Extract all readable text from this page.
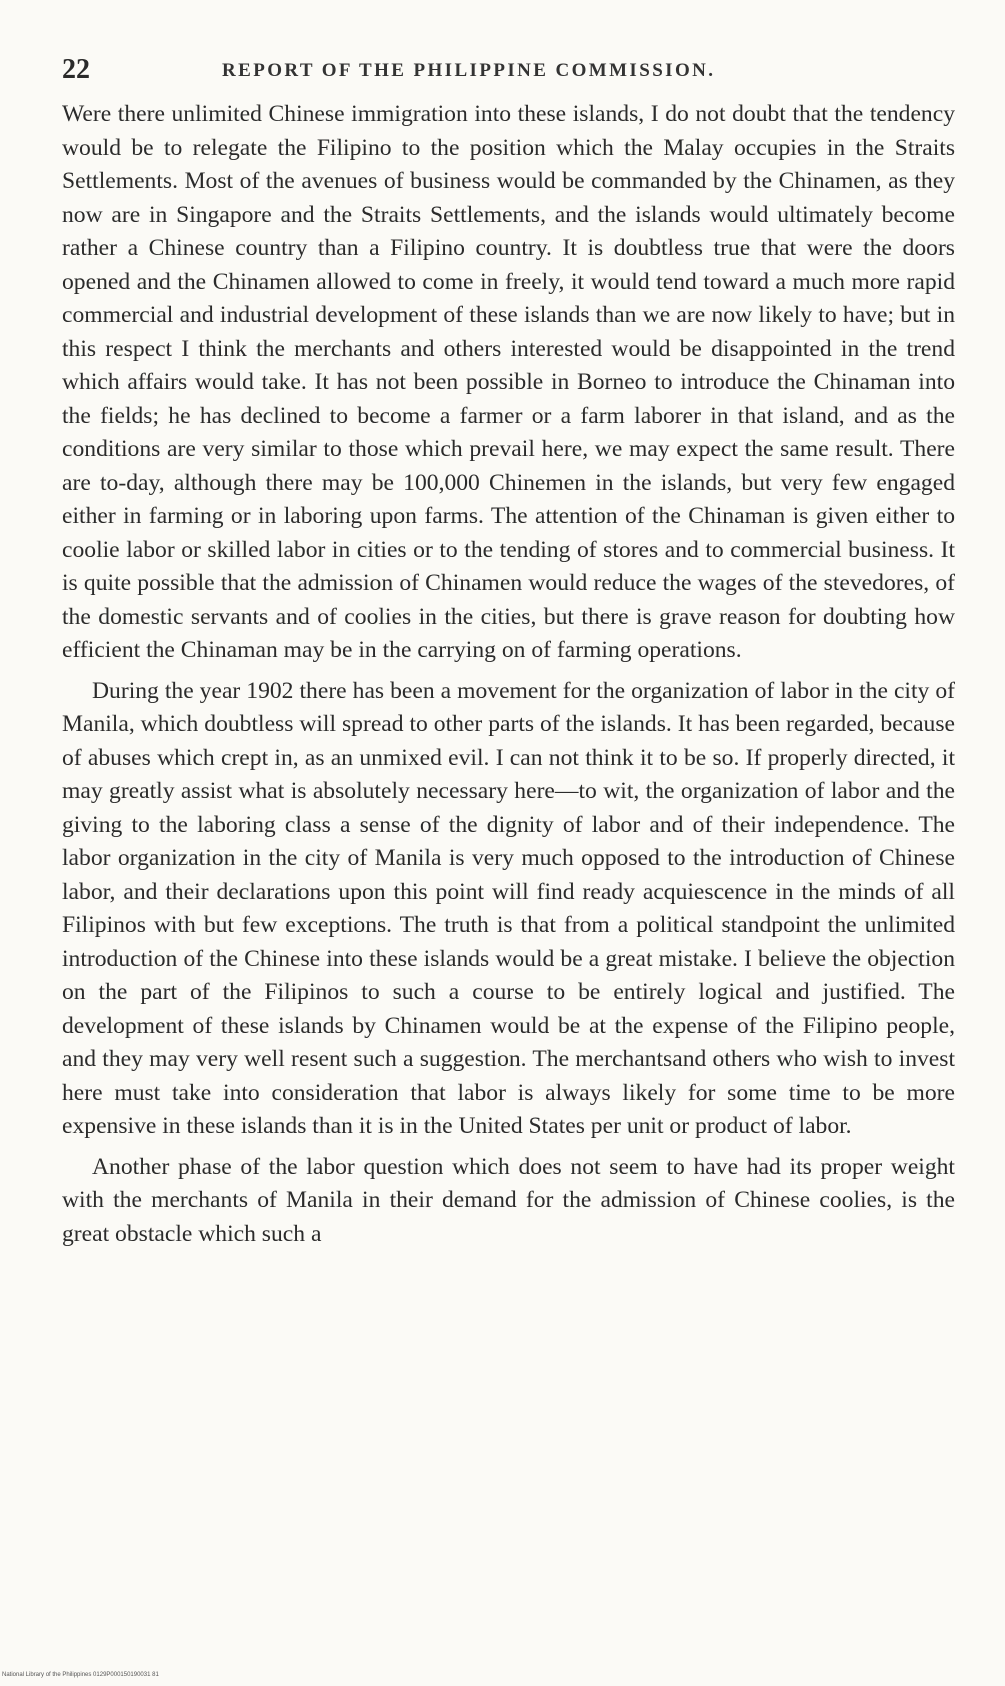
22	REPORT OF THE PHILIPPINE COMMISSION.

Were there unlimited Chinese immigration into these islands, I do not doubt that the tendency would be to relegate the Filipino to the position which the Malay occupies in the Straits Settlements. Most of the avenues of business would be commanded by the Chinamen, as they now are in Singapore and the Straits Settlements, and the islands would ultimately become rather a Chinese country than a Filipino country. It is doubtless true that were the doors opened and the Chinamen allowed to come in freely, it would tend toward a much more rapid commercial and industrial development of these islands than we are now likely to have; but in this respect I think the merchants and others interested would be disappointed in the trend which affairs would take. It has not been possible in Borneo to introduce the Chinaman into the fields; he has declined to become a farmer or a farm laborer in that island, and as the conditions are very similar to those which prevail here, we may expect the same result. There are to-day, although there may be 100,000 Chinemen in the islands, but very few engaged either in farming or in laboring upon farms. The attention of the Chinaman is given either to coolie labor or skilled labor in cities or to the tending of stores and to commercial business. It is quite possible that the admission of Chinamen would reduce the wages of the stevedores, of the domestic servants and of coolies in the cities, but there is grave reason for doubting how efficient the Chinaman may be in the carrying on of farming operations.

During the year 1902 there has been a movement for the organization of labor in the city of Manila, which doubtless will spread to other parts of the islands. It has been regarded, because of abuses which crept in, as an unmixed evil. I can not think it to be so. If properly directed, it may greatly assist what is absolutely necessary here—to wit, the organization of labor and the giving to the laboring class a sense of the dignity of labor and of their independence. The labor organization in the city of Manila is very much opposed to the introduction of Chinese labor, and their declarations upon this point will find ready acquiescence in the minds of all Filipinos with but few exceptions. The truth is that from a political standpoint the unlimited introduction of the Chinese into these islands would be a great mistake. I believe the objection on the part of the Filipinos to such a course to be entirely logical and justified. The development of these islands by Chinamen would be at the expense of the Filipino people, and they may very well resent such a suggestion. The merchantsand others who wish to invest here must take into consideration that labor is always likely for some time to be more expensive in these islands than it is in the United States per unit or product of labor.

Another phase of the labor question which does not seem to have had its proper weight with the merchants of Manila in their demand for the admission of Chinese coolies, is the great obstacle which such a

National Library of the Philippines 0129P000150190031 81
